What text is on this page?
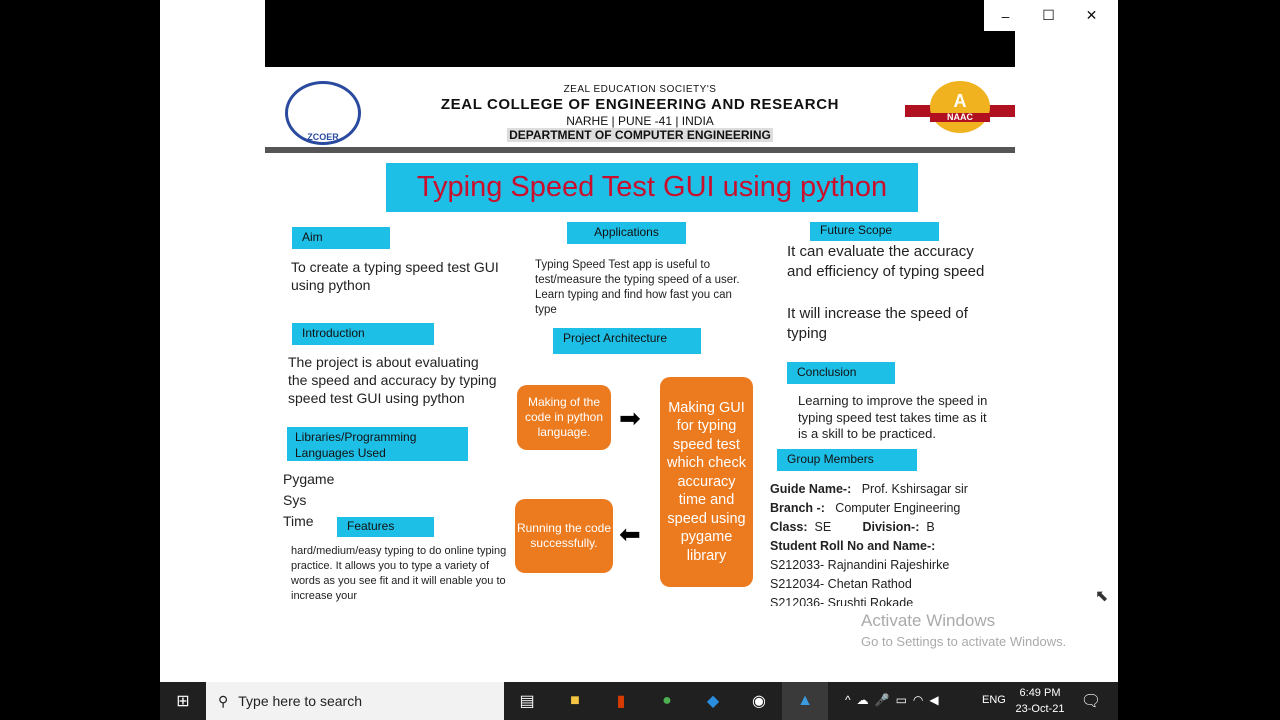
–	☐	✕
ZCOER
ZEAL EDUCATION SOCIETY'S
ZEAL COLLEGE OF ENGINEERING AND RESEARCH
NARHE | PUNE -41 | INDIA
DEPARTMENT OF COMPUTER ENGINEERING
A
NAAC
Typing Speed Test GUI using python
Aim
To create a typing speed test GUI using python
Introduction
The project is about evaluating the speed and accuracy by typing speed test GUI using python
Libraries/Programming Languages Used
Pygame
Sys
Time	Features
hard/medium/easy typing to do online typing practice. It allows you to type a variety of words as you see fit and it will enable you to increase your
Applications
Typing Speed Test app is useful to test/measure the typing speed of a user. Learn typing and find how fast you can type
Project Architecture
Making of the code in python language.	➡	Making GUI for typing speed test which check accuracy time and speed using pygame library
⬅
Running the code successfully.
Future Scope
It can evaluate the accuracy and efficiency of typing speed
It will increase the speed of typing
Conclusion
Learning to improve the speed in typing speed test takes time as it is a skill to be practiced.
Group Members
Guide Name-: Prof. Kshirsagar sir
Branch -: Computer Engineering
Class: SE	Division-: B
Student Roll No and Name-:
S212033- Rajnandini Rajeshirke
S212034- Chetan Rathod
S212036- Srushti Rokade
Activate Windows
Go to Settings to activate Windows.
⬉
⊞	⚲ Type here to search	▤	■	▮	●	◆	◉	▲	^☁🎤▭◠◀	ENG
6:49 PM
23-Oct-21	🗨
